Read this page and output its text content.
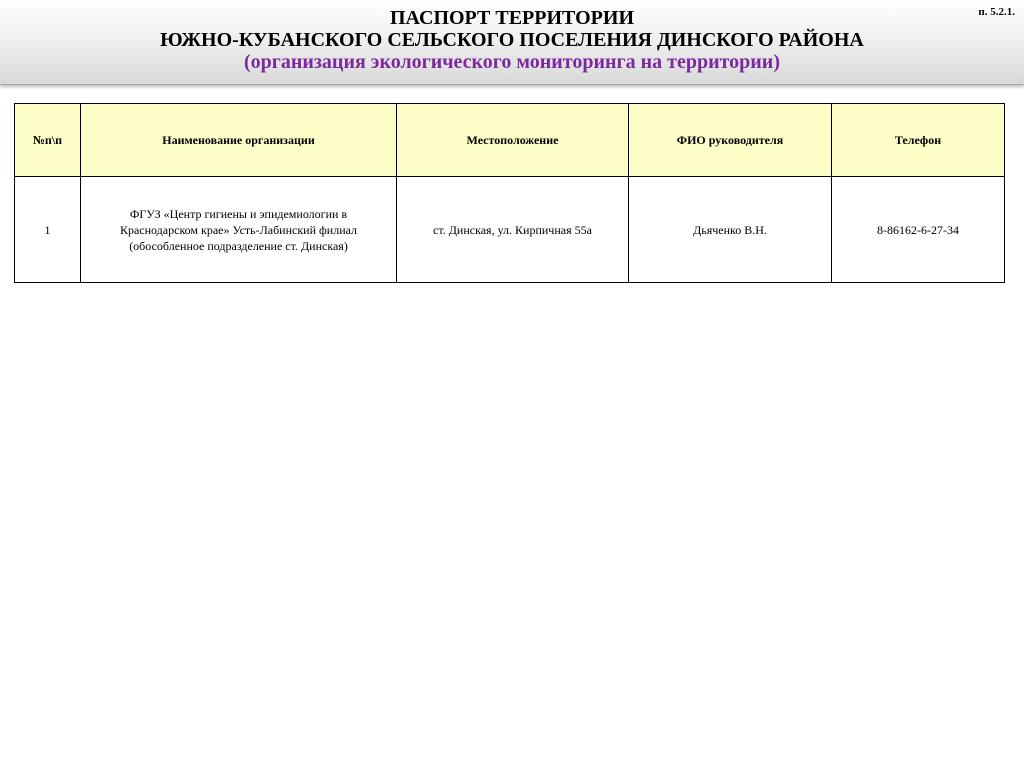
ПАСПОРТ ТЕРРИТОРИИ
ЮЖНО-КУБАНСКОГО СЕЛЬСКОГО ПОСЕЛЕНИЯ ДИНСКОГО РАЙОНА
(организация экологического мониторинга на территории)
п. 5.2.1.
№п\п	Наименование организации	Местоположение	ФИО руководителя	Телефон
1	ФГУЗ «Центр гигиены и эпидемиологии в
Краснодарском крае» Усть-Лабинский филиал
(обособленное подразделение ст. Динская)	ст. Динская, ул. Кирпичная 55а	Дьяченко В.Н.	8-86162-6-27-34
